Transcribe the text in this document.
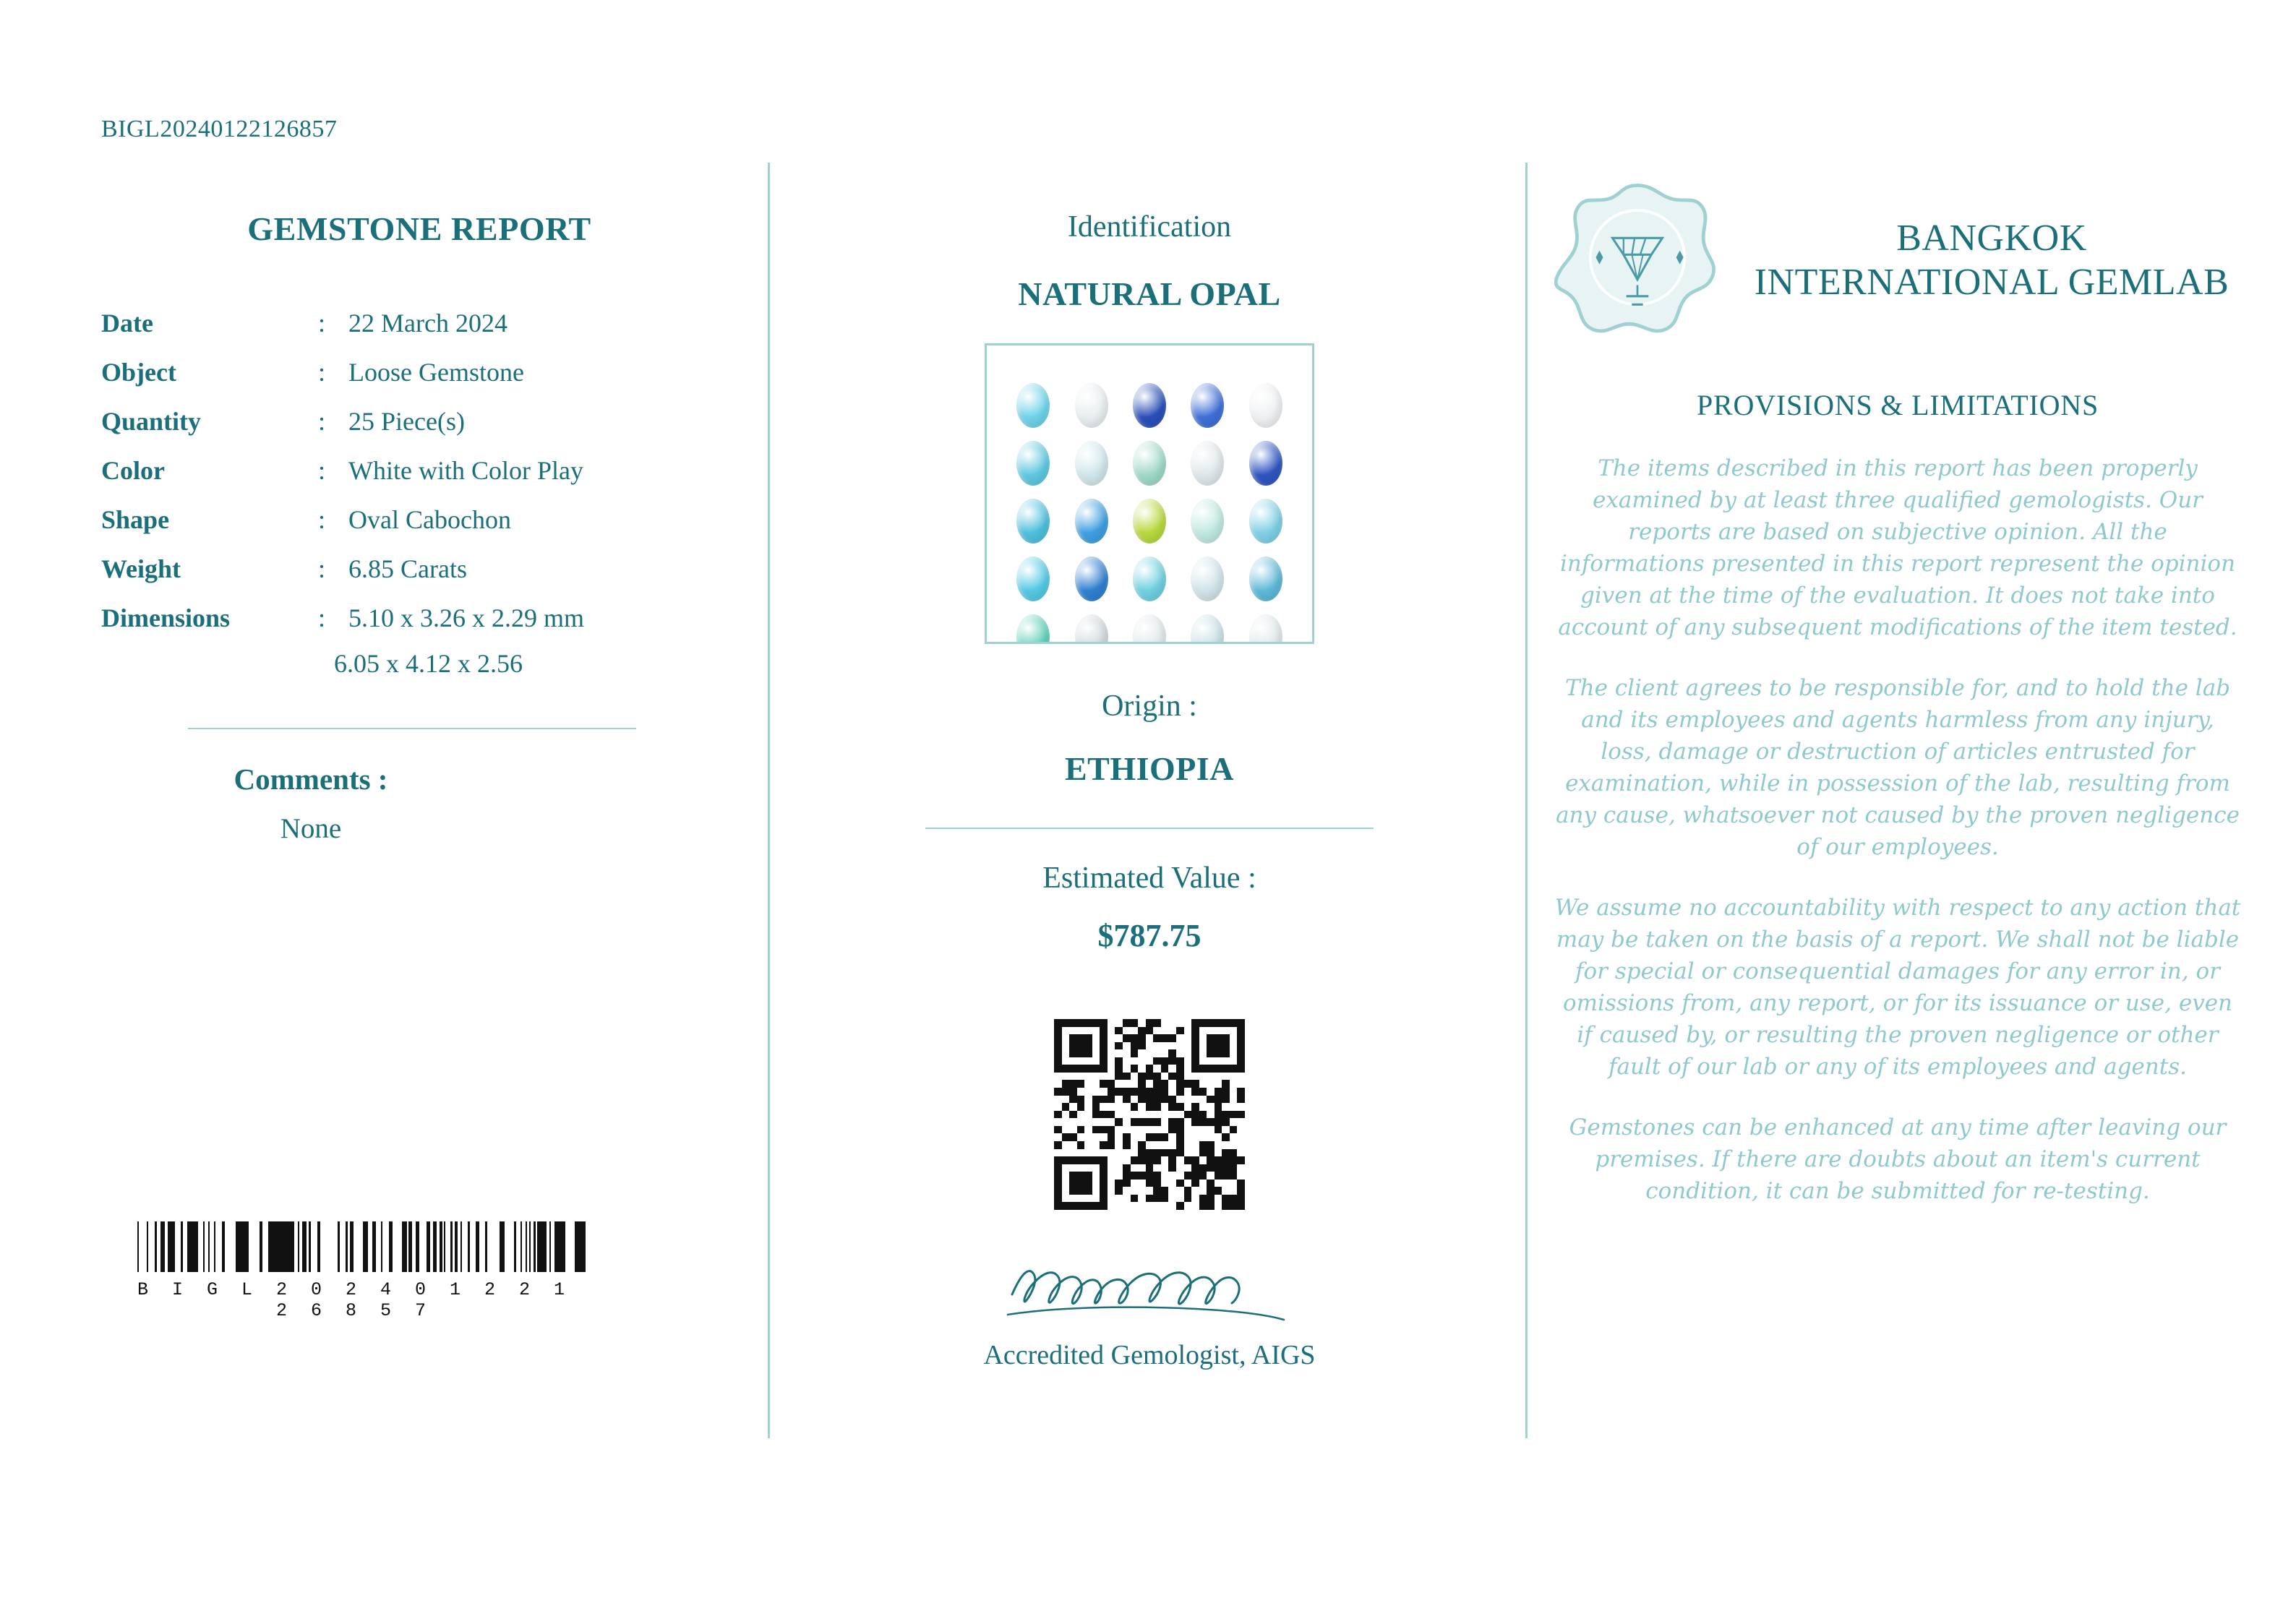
BIGL20240122126857
GEMSTONE REPORT
Date	:	22 March 2024
Object	:	Loose Gemstone
Quantity	:	25 Piece(s)
Color	:	White with Color Play
Shape	:	Oval Cabochon
Weight	:	6.85 Carats
Dimensions	:	5.10 x 3.26 x 2.29 mm
6.05 x 4.12 x 2.56
Comments :
None
B I G L 2 0 2 4 0 1 2 2 1 2 6 8 5 7
Identification
NATURAL OPAL
Origin :
ETHIOPIA
Estimated Value :
$787.75
Accredited Gemologist, AIGS
BANGKOK INTERNATIONAL GEMLAB
PROVISIONS & LIMITATIONS
The items described in this report has been properly examined by at least three qualified gemologists. Our reports are based on subjective opinion. All the informations presented in this report represent the opinion given at the time of the evaluation. It does not take into account of any subsequent modifications of the item tested.
The client agrees to be responsible for, and to hold the lab and its employees and agents harmless from any injury, loss, damage or destruction of articles entrusted for examination, while in possession of the lab, resulting from any cause, whatsoever not caused by the proven negligence of our employees.
We assume no accountability with respect to any action that may be taken on the basis of a report. We shall not be liable for special or consequential damages for any error in, or omissions from, any report, or for its issuance or use, even if caused by, or resulting the proven negligence or other fault of our lab or any of its employees and agents.
Gemstones can be enhanced at any time after leaving our premises. If there are doubts about an item's current condition, it can be submitted for re-testing.
